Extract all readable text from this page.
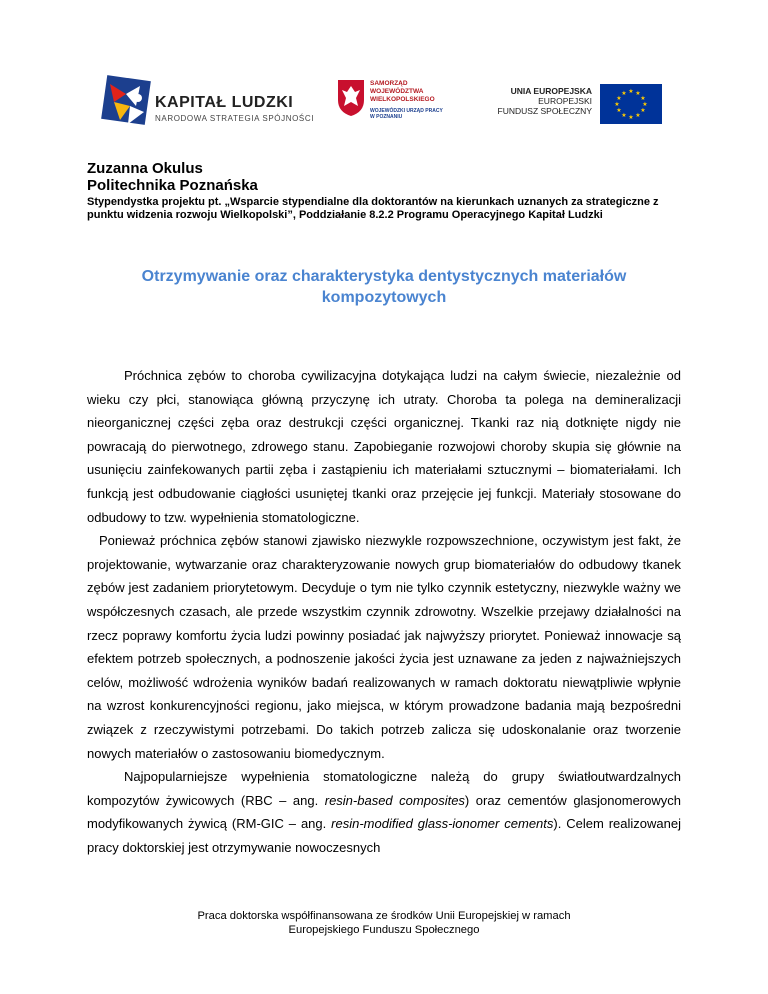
KAPITAŁ LUDZKI
NARODOWA STRATEGIA SPÓJNOŚCI
SAMORZĄD WOJEWÓDZTWA
WIELKOPOLSKIEGO
WOJEWÓDZKI URZĄD PRACY
W POZNANIU
UNIA EUROPEJSKA
EUROPEJSKI
FUNDUSZ SPOŁECZNY
★ ★
★
★
★
★
★
★
★
★
★
★
Zuzanna Okulus
Politechnika Poznańska
Stypendystka projektu pt. „Wsparcie stypendialne dla doktorantów na kierunkach uznanych za strategiczne z punktu widzenia rozwoju Wielkopolski”, Poddziałanie 8.2.2 Programu Operacyjnego Kapitał Ludzki
Otrzymywanie oraz charakterystyka dentystycznych materiałów kompozytowych

Próchnica zębów to choroba cywilizacyjna dotykająca ludzi na całym świecie, niezależnie od wieku czy płci, stanowiąca główną przyczynę ich utraty. Choroba ta polega na demineralizacji nieorganicznej części zęba oraz destrukcji części organicznej. Tkanki raz nią dotknięte nigdy nie powracają do pierwotnego, zdrowego stanu. Zapobieganie rozwojowi choroby skupia się głównie na usunięciu zainfekowanych partii zęba i zastąpieniu ich materiałami sztucznymi – biomateriałami. Ich funkcją jest odbudowanie ciągłości usuniętej tkanki oraz przejęcie jej funkcji. Materiały stosowane do odbudowy to tzw. wypełnienia stomatologiczne.

Ponieważ próchnica zębów stanowi zjawisko niezwykle rozpowszechnione, oczywistym jest fakt, że projektowanie, wytwarzanie oraz charakteryzowanie nowych grup biomateriałów do odbudowy tkanek zębów jest zadaniem priorytetowym. Decyduje o tym nie tylko czynnik estetyczny, niezwykle ważny we współczesnych czasach, ale przede wszystkim czynnik zdrowotny. Wszelkie przejawy działalności na rzecz poprawy komfortu życia ludzi powinny posiadać jak najwyższy priorytet. Ponieważ innowacje są efektem potrzeb społecznych, a podnoszenie jakości życia jest uznawane za jeden z najważniejszych celów, możliwość wdrożenia wyników badań realizowanych w ramach doktoratu niewątpliwie wpłynie na wzrost konkurencyjności regionu, jako miejsca, w którym prowadzone badania mają bezpośredni związek z rzeczywistymi potrzebami. Do takich potrzeb zalicza się udoskonalanie oraz tworzenie nowych materiałów o zastosowaniu biomedycznym.

Najpopularniejsze wypełnienia stomatologiczne należą do grupy światłoutwardzalnych kompozytów żywicowych (RBC – ang. resin-based composites) oraz cementów glasjonomerowych modyfikowanych żywicą (RM-GIC – ang. resin-modified glass-ionomer cements). Celem realizowanej pracy doktorskiej jest otrzymywanie nowoczesnych

Praca doktorska współfinansowana ze środków Unii Europejskiej w ramach
Europejskiego Funduszu Społecznego
